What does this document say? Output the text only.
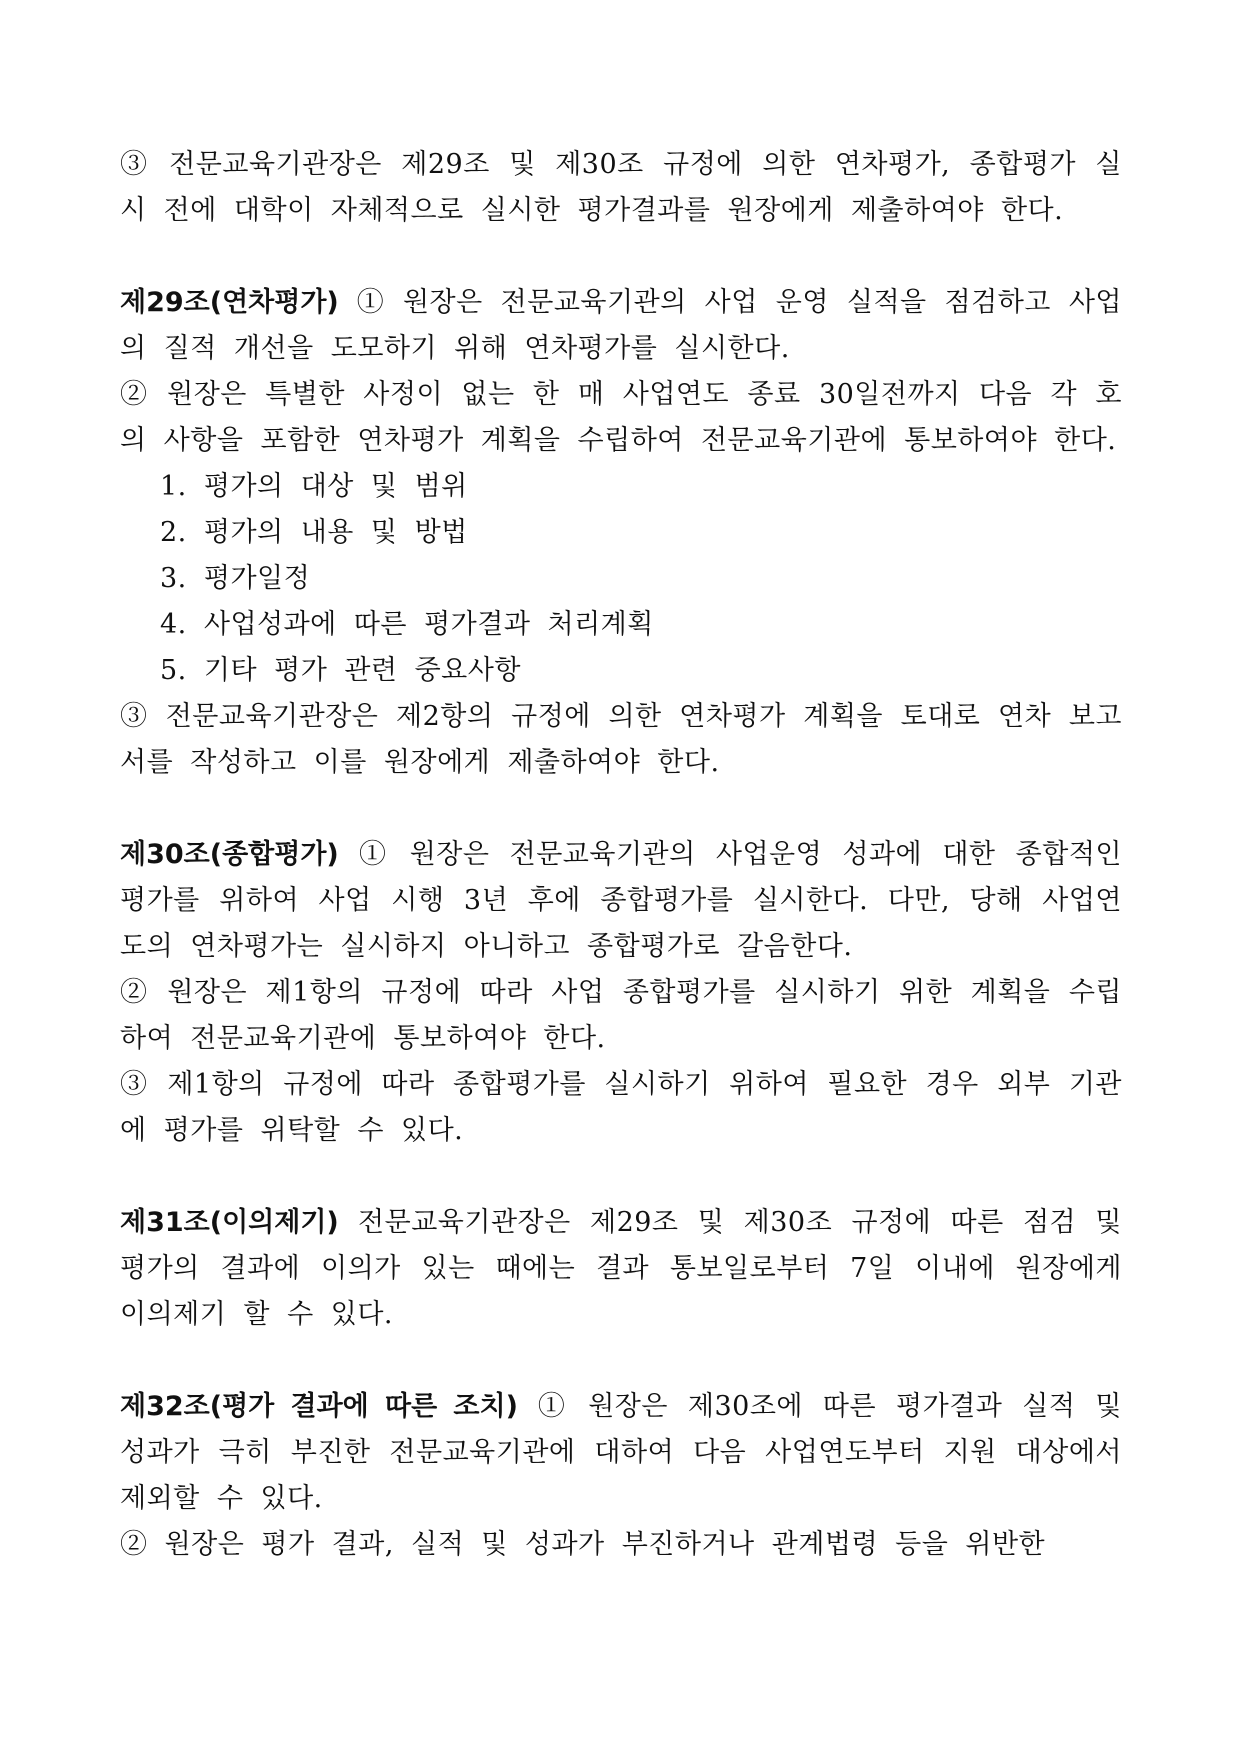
③ 전문교육기관장은 제29조 및 제30조 규정에 의한 연차평가, 종합평가 실시 전에 대학이 자체적으로 실시한 평가결과를 원장에게 제출하여야 한다.

제29조(연차평가) ① 원장은 전문교육기관의 사업 운영 실적을 점검하고 사업의 질적 개선을 도모하기 위해 연차평가를 실시한다.

② 원장은 특별한 사정이 없는 한 매 사업연도 종료 30일전까지 다음 각 호의 사항을 포함한 연차평가 계획을 수립하여 전문교육기관에 통보하여야 한다.

1. 평가의 대상 및 범위
2. 평가의 내용 및 방법
3. 평가일정
4. 사업성과에 따른 평가결과 처리계획
5. 기타 평가 관련 중요사항

③ 전문교육기관장은 제2항의 규정에 의한 연차평가 계획을 토대로 연차 보고서를 작성하고 이를 원장에게 제출하여야 한다.

제30조(종합평가) ① 원장은 전문교육기관의 사업운영 성과에 대한 종합적인 평가를 위하여 사업 시행 3년 후에 종합평가를 실시한다. 다만, 당해 사업연도의 연차평가는 실시하지 아니하고 종합평가로 갈음한다.

② 원장은 제1항의 규정에 따라 사업 종합평가를 실시하기 위한 계획을 수립하여 전문교육기관에 통보하여야 한다.

③ 제1항의 규정에 따라 종합평가를 실시하기 위하여 필요한 경우 외부 기관에 평가를 위탁할 수 있다.

제31조(이의제기) 전문교육기관장은 제29조 및 제30조 규정에 따른 점검 및 평가의 결과에 이의가 있는 때에는 결과 통보일로부터 7일 이내에 원장에게 이의제기 할 수 있다.

제32조(평가 결과에 따른 조치) ① 원장은 제30조에 따른 평가결과 실적 및 성과가 극히 부진한 전문교육기관에 대하여 다음 사업연도부터 지원 대상에서 제외할 수 있다.

② 원장은 평가 결과, 실적 및 성과가 부진하거나 관계법령 등을 위반한
